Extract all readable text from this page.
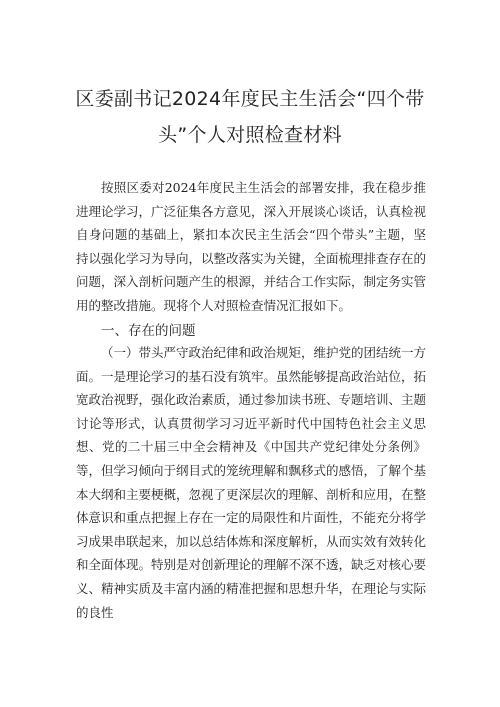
区委副书记2024年度民主生活会“四个带
头”个人对照检查材料
按照区委对2024年度民主生活会的部署安排，我在稳步推进理论学习，广泛征集各方意见，深入开展谈心谈话，认真检视自身问题的基础上，紧扣本次民主生活会“四个带头”主题，坚持以强化学习为导向，以整改落实为关键，全面梳理排查存在的问题，深入剖析问题产生的根源，并结合工作实际，制定务实管用的整改措施。现将个人对照检查情况汇报如下。
一、存在的问题
（一）带头严守政治纪律和政治规矩，维护党的团结统一方面。一是理论学习的基石没有筑牢。虽然能够提高政治站位，拓宽政治视野，强化政治素质，通过参加读书班、专题培训、主题讨论等形式，认真贯彻学习习近平新时代中国特色社会主义思想、党的二十届三中全会精神及《中国共产党纪律处分条例》等，但学习倾向于纲目式的笼统理解和飘移式的感悟，了解个基本大纲和主要梗概，忽视了更深层次的理解、剖析和应用，在整体意识和重点把握上存在一定的局限性和片面性，不能充分将学习成果串联起来，加以总结体炼和深度解析，从而实效有效转化和全面体现。特别是对创新理论的理解不深不透，缺乏对核心要义、精神实质及丰富内涵的精准把握和思想升华，在理论与实际的良性
